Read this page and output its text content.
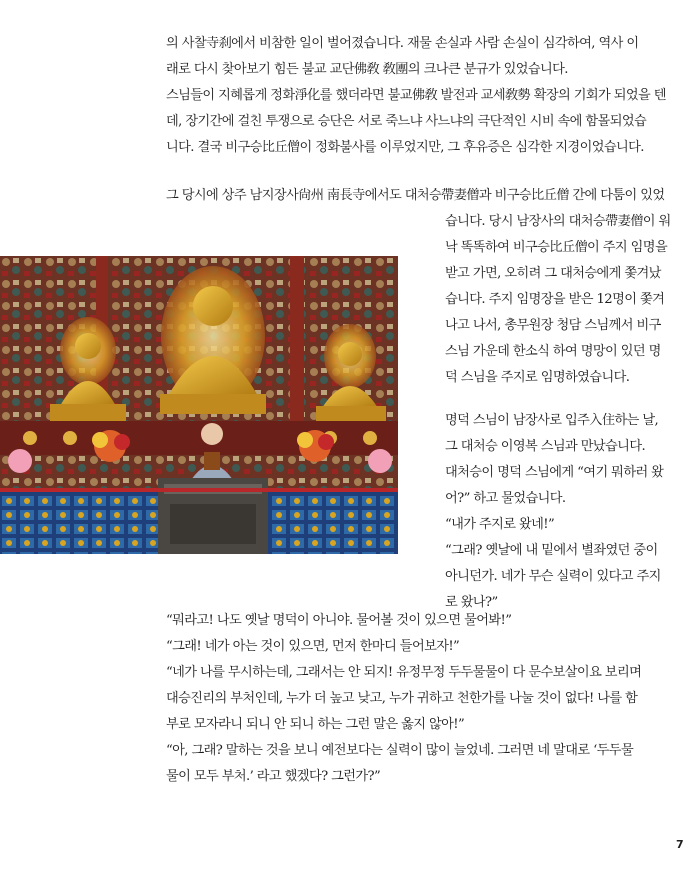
의 사찰寺刹에서 비참한 일이 벌어졌습니다. 재물 손실과 사람 손실이 심각하여, 역사 이
래로 다시 찾아보기 힘든 불교 교단佛敎 敎團의 크나큰 분규가 있었습니다.

스님들이 지혜롭게 정화淨化를 했더라면 불교佛敎 발전과 교세敎勢 확장의 기회가 되었을 텐
데, 장기간에 걸친 투쟁으로 승단은 서로 죽느냐 사느냐의 극단적인 시비 속에 함몰되었습
니다. 결국 비구승比丘僧이 정화불사를 이루었지만, 그 후유증은 심각한 지경이었습니다.

그 당시에 상주 남지장사尙州 南長寺에서도 대처승帶妻僧과 비구승比丘僧 간에 다툼이 있었

습니다. 당시 남장사의 대처승帶妻僧이 워
낙 똑똑하여 비구승比丘僧이 주지 임명을
받고 가면, 오히려 그 대처승에게 쫓겨났
습니다. 주지 임명장을 받은 12명이 쫓겨
나고 나서, 총무원장 청담 스님께서 비구
스님 가운데 한소식 하여 명망이 있던 명
덕 스님을 주지로 임명하였습니다.

명덕 스님이 남장사로 입주入住하는 날,
그 대처승 이영복 스님과 만났습니다.
대처승이 명덕 스님에게 “여기 뭐하러 왔
어?” 하고 물었습니다.
“내가 주지로 왔네!”
“그래? 옛날에 내 밑에서 별좌였던 중이
아니던가. 네가 무슨 실력이 있다고 주지
로 왔나?”

“뭐라고! 나도 옛날 명덕이 아니야. 물어볼 것이 있으면 물어봐!”
“그래! 네가 아는 것이 있으면, 먼저 한마디 들어보자!”
“네가 나를 무시하는데, 그래서는 안 되지! 유정무정 두두물물이 다 문수보살이요 보리며
대승진리의 부처인데, 누가 더 높고 낮고, 누가 귀하고 천한가를 나눌 것이 없다! 나를 함
부로 모자라니 되니 안 되니 하는 그런 말은 옳지 않아!”
“아, 그래? 말하는 것을 보니 예전보다는 실력이 많이 늘었네. 그러면 네 말대로 ‘두두물
물이 모두 부처.’ 라고 했겠다? 그런가?”

7
